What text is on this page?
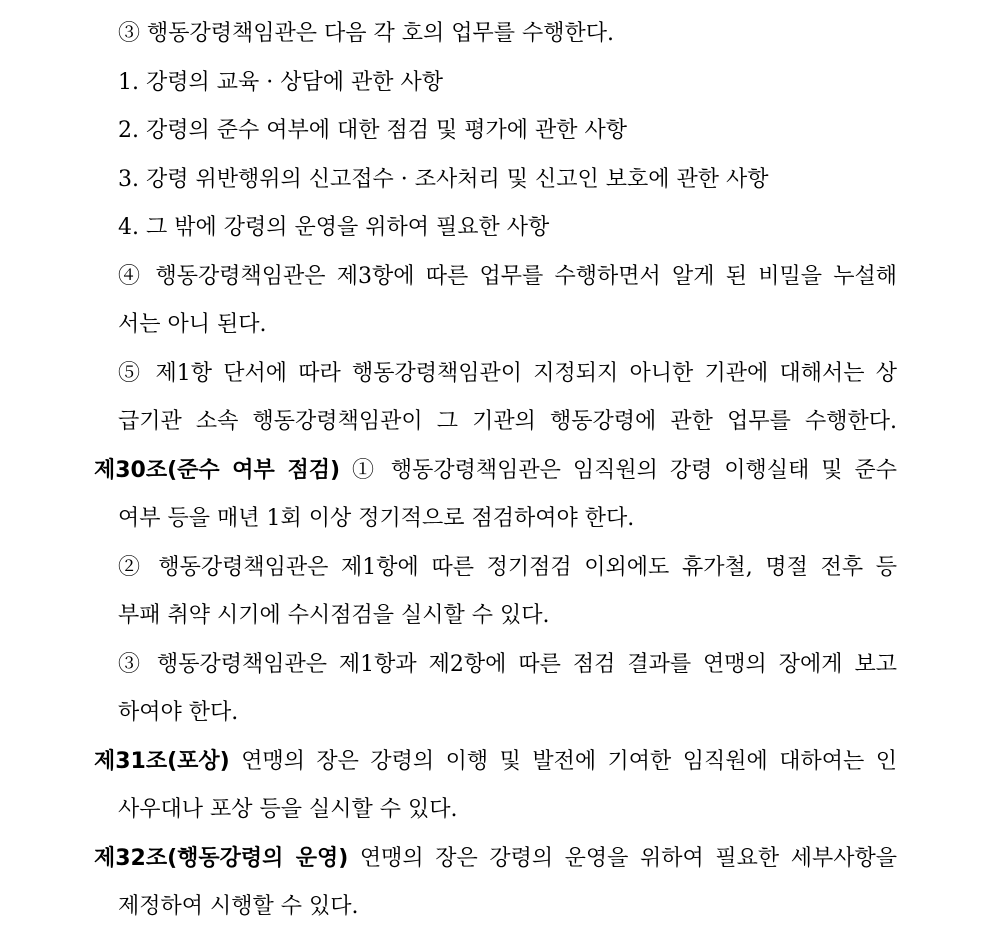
③ 행동강령책임관은 다음 각 호의 업무를 수행한다.
1. 강령의 교육 · 상담에 관한 사항
2. 강령의 준수 여부에 대한 점검 및 평가에 관한 사항
3. 강령 위반행위의 신고접수 · 조사처리 및 신고인 보호에 관한 사항
4. 그 밖에 강령의 운영을 위하여 필요한 사항
④ 행동강령책임관은 제3항에 따른 업무를 수행하면서 알게 된 비밀을 누설해
서는 아니 된다.
⑤ 제1항 단서에 따라 행동강령책임관이 지정되지 아니한 기관에 대해서는 상
급기관 소속 행동강령책임관이 그 기관의 행동강령에 관한 업무를 수행한다.
제30조(준수 여부 점검) ① 행동강령책임관은 임직원의 강령 이행실태 및 준수
여부 등을 매년 1회 이상 정기적으로 점검하여야 한다.
② 행동강령책임관은 제1항에 따른 정기점검 이외에도 휴가철, 명절 전후 등
부패 취약 시기에 수시점검을 실시할 수 있다.
③ 행동강령책임관은 제1항과 제2항에 따른 점검 결과를 연맹의 장에게 보고
하여야 한다.
제31조(포상) 연맹의 장은 강령의 이행 및 발전에 기여한 임직원에 대하여는 인
사우대나 포상 등을 실시할 수 있다.
제32조(행동강령의 운영) 연맹의 장은 강령의 운영을 위하여 필요한 세부사항을
제정하여 시행할 수 있다.
